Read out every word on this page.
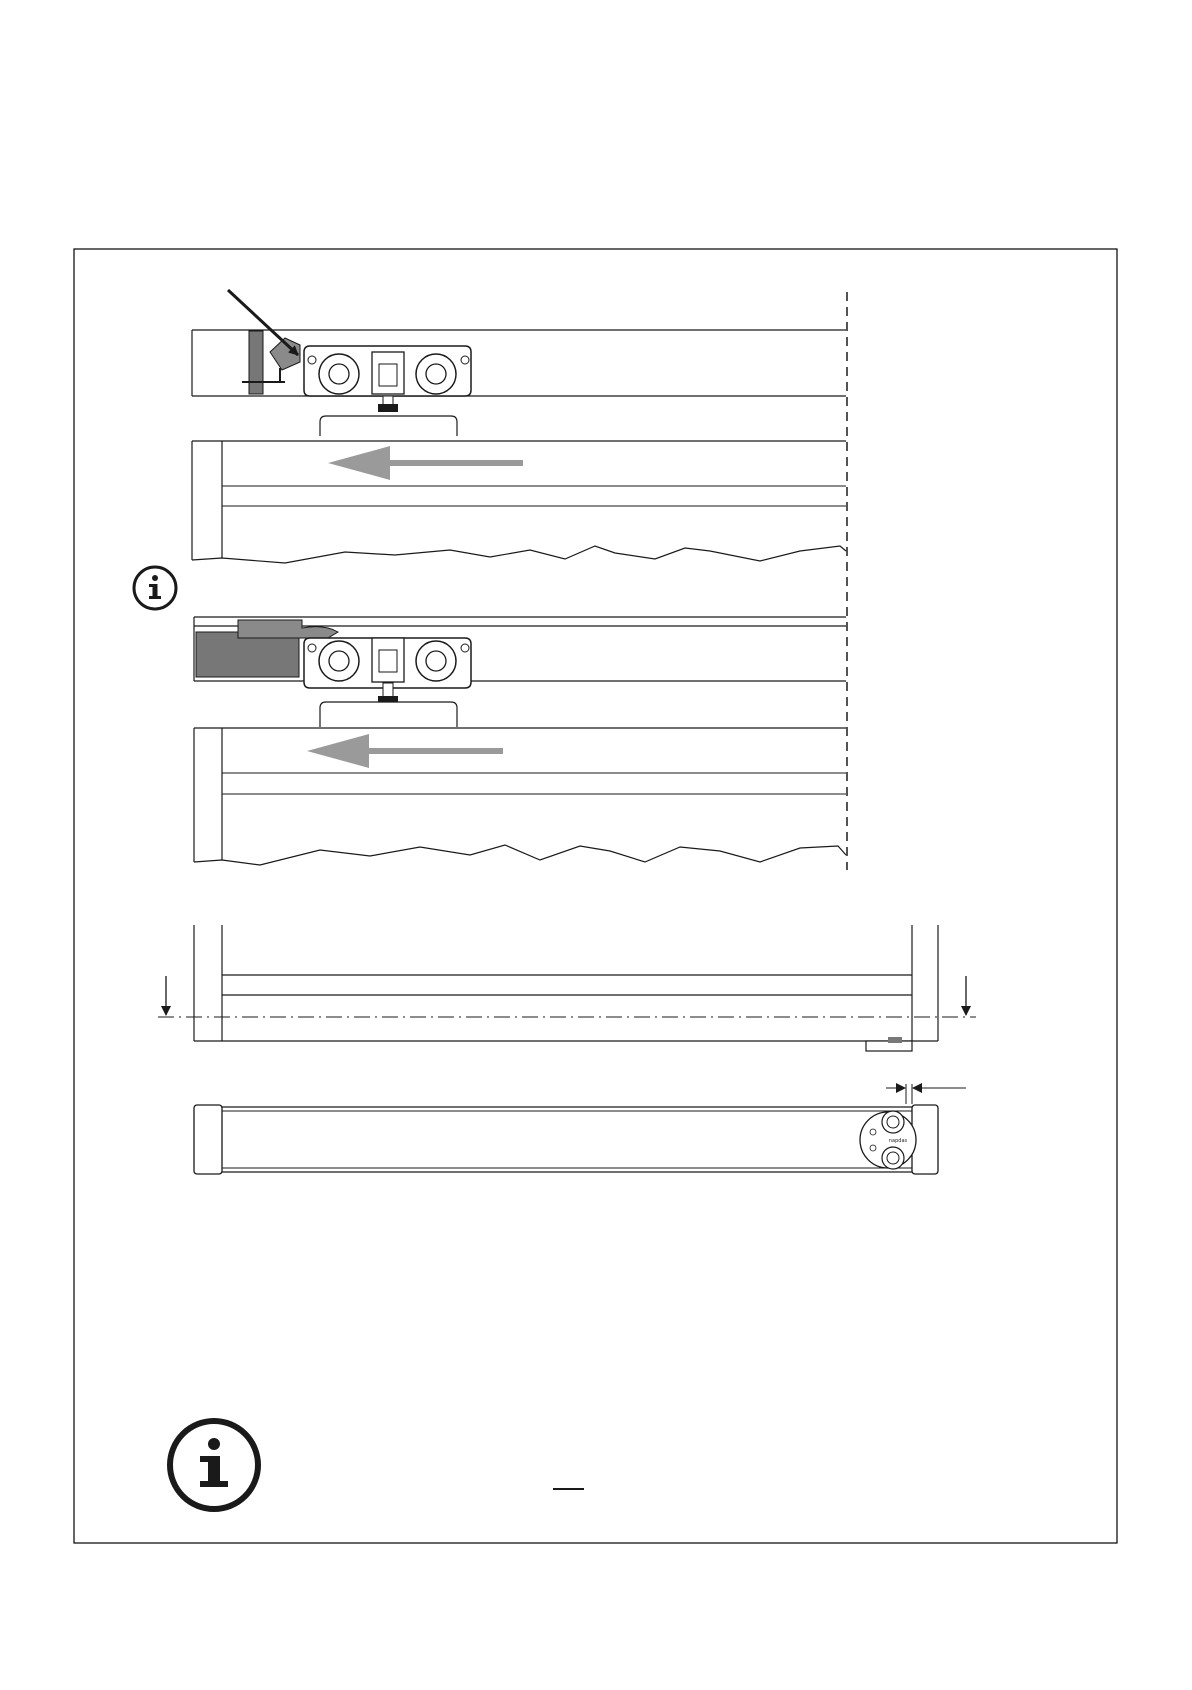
napdas
